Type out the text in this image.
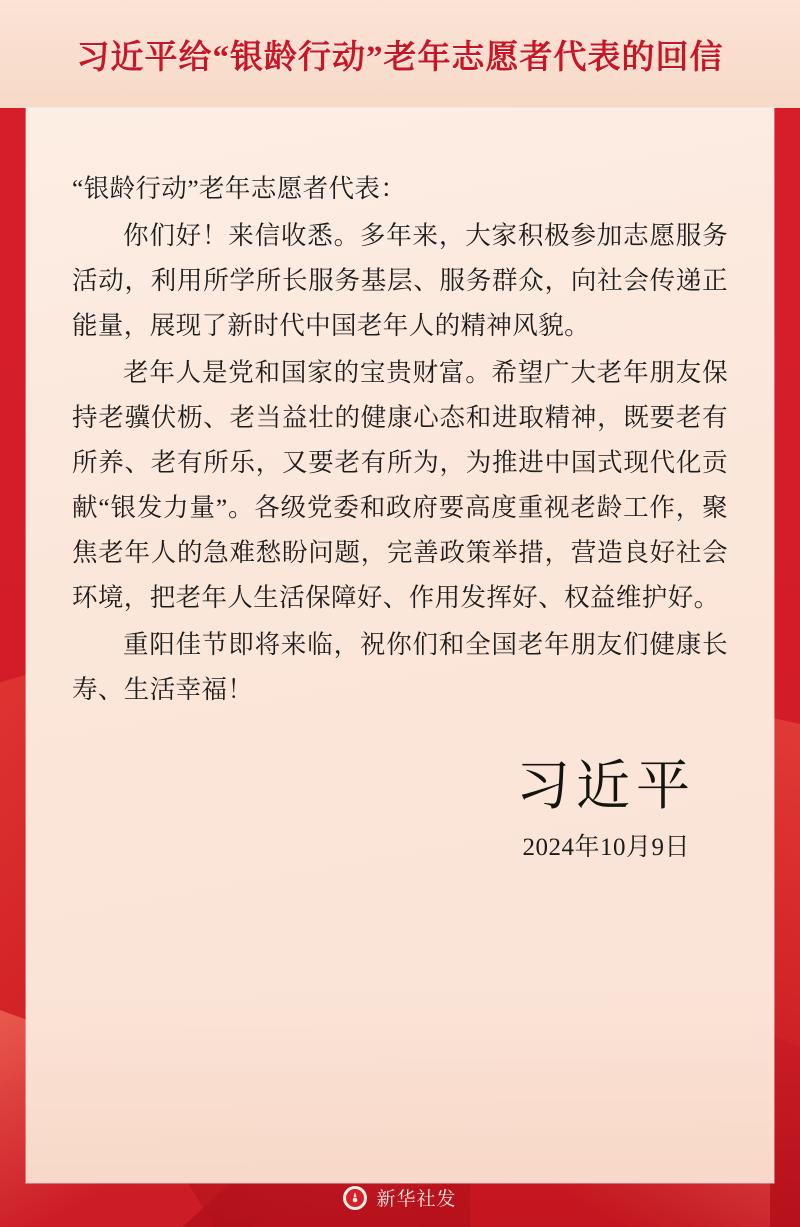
习近平给“银龄行动”老年志愿者代表的回信

“银龄行动”老年志愿者代表：

你们好！来信收悉。多年来，大家积极参加志愿服务活动，利用所学所长服务基层、服务群众，向社会传递正能量，展现了新时代中国老年人的精神风貌。

老年人是党和国家的宝贵财富。希望广大老年朋友保持老骥伏枥、老当益壮的健康心态和进取精神，既要老有所养、老有所乐，又要老有所为，为推进中国式现代化贡献“银发力量”。各级党委和政府要高度重视老龄工作，聚焦老年人的急难愁盼问题，完善政策举措，营造良好社会环境，把老年人生活保障好、作用发挥好、权益维护好。

重阳佳节即将来临，祝你们和全国老年朋友们健康长寿、生活幸福！

习近平
2024年10月9日
新华社发
